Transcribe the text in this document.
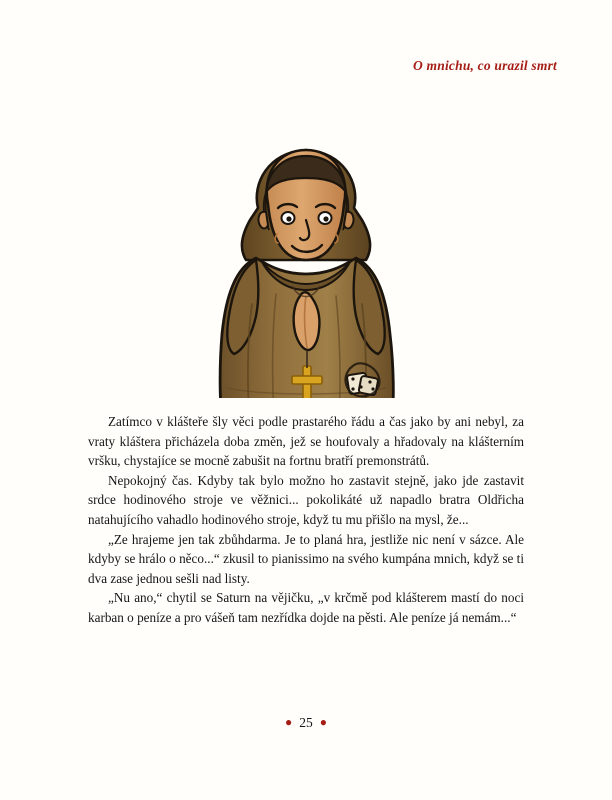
O mnichu, co urazil smrt

Zatímco v klášteře šly věci podle prastarého řádu a čas jako by ani nebyl, za vraty kláštera přicházela doba změn, jež se houfovaly a hřadovaly na klášterním vršku, chystajíce se mocně zabušit na fortnu bratří premonstrátů.

Nepokojný čas. Kdyby tak bylo možno ho zastavit stejně, jako jde zastavit srdce hodinového stroje ve věžnici... pokolikáté už napadlo bratra Oldřicha natahujícího vahadlo hodinového stroje, když tu mu přišlo na mysl, že...

„Ze hrajeme jen tak zbůhdarma. Je to planá hra, jestliže nic není v sázce. Ale kdyby se hrálo o něco...“ zkusil to pianissimo na svého kumpána mnich, když se ti dva zase jednou sešli nad listy.

„Nu ano,“ chytil se Saturn na vějičku, „v krčmě pod klášterem mastí do noci karban o peníze a pro vášeň tam nezřídka dojde na pěsti. Ale peníze já nemám...“

● 25 ●
